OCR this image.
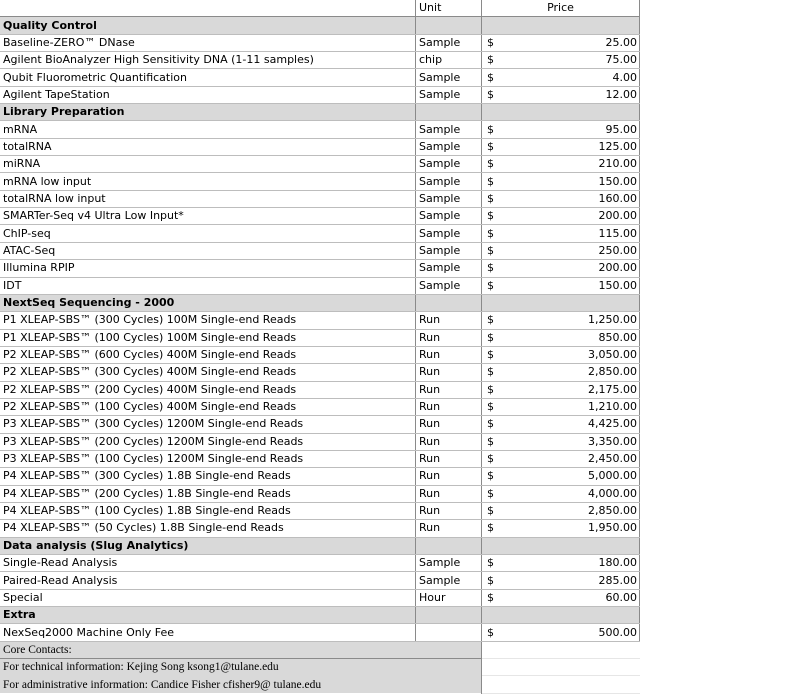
	Unit	Price	
Quality Control			
Baseline-ZERO™ DNase	Sample	$	25.00
Agilent BioAnalyzer High Sensitivity DNA (1-11 samples)	chip	$	75.00
Qubit Fluorometric Quantification	Sample	$	4.00
Agilent TapeStation	Sample	$	12.00
Library Preparation			
mRNA	Sample	$	95.00
totalRNA	Sample	$	125.00
miRNA	Sample	$	210.00
mRNA low input	Sample	$	150.00
totalRNA low input	Sample	$	160.00
SMARTer-Seq v4 Ultra Low Input*	Sample	$	200.00
ChIP-seq	Sample	$	115.00
ATAC-Seq	Sample	$	250.00
Illumina RPIP	Sample	$	200.00
IDT	Sample	$	150.00
NextSeq Sequencing - 2000			
P1 XLEAP-SBS™ (300 Cycles) 100M Single-end Reads	Run	$	1,250.00
P1 XLEAP-SBS™ (100 Cycles) 100M Single-end Reads	Run	$	850.00
P2 XLEAP-SBS™ (600 Cycles) 400M Single-end Reads	Run	$	3,050.00
P2 XLEAP-SBS™ (300 Cycles) 400M Single-end Reads	Run	$	2,850.00
P2 XLEAP-SBS™ (200 Cycles) 400M Single-end Reads	Run	$	2,175.00
P2 XLEAP-SBS™ (100 Cycles) 400M Single-end Reads	Run	$	1,210.00
P3 XLEAP-SBS™ (300 Cycles) 1200M Single-end Reads	Run	$	4,425.00
P3 XLEAP-SBS™ (200 Cycles) 1200M Single-end Reads	Run	$	3,350.00
P3 XLEAP-SBS™ (100 Cycles) 1200M Single-end Reads	Run	$	2,450.00
P4 XLEAP-SBS™ (300 Cycles) 1.8B Single-end Reads	Run	$	5,000.00
P4 XLEAP-SBS™ (200 Cycles) 1.8B Single-end Reads	Run	$	4,000.00
P4 XLEAP-SBS™ (100 Cycles) 1.8B Single-end Reads	Run	$	2,850.00
P4 XLEAP-SBS™ (50 Cycles) 1.8B Single-end Reads	Run	$	1,950.00
Data analysis (Slug Analytics)			
Single-Read Analysis	Sample	$	180.00
Paired-Read Analysis	Sample	$	285.00
Special	Hour	$	60.00
Extra			
NexSeq2000 Machine Only Fee		$	500.00
Core Contacts:			
For technical information: Kejing Song ksong1@tulane.edu			
For administrative information: Candice Fisher cfisher9@ tulane.edu			
